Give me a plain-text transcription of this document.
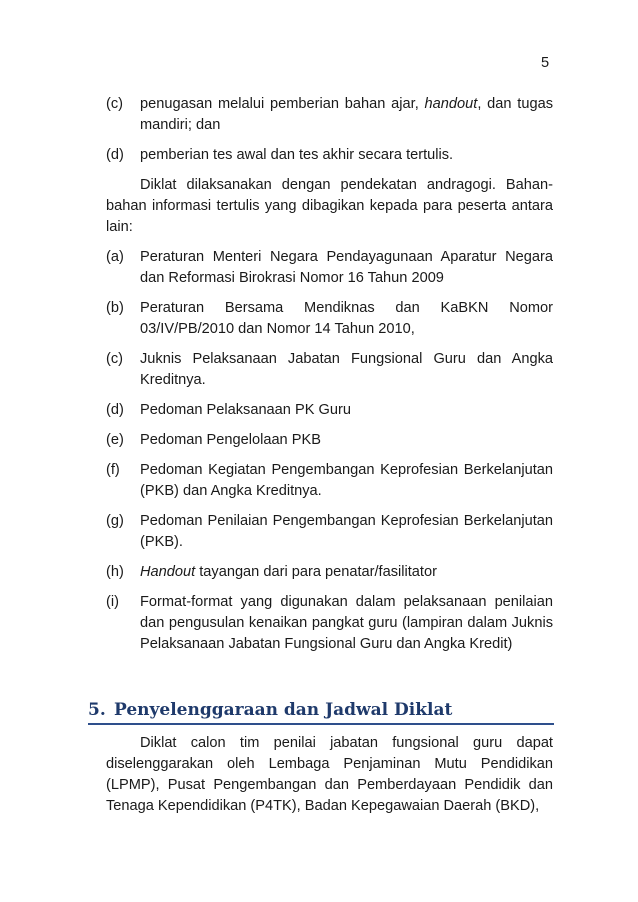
5
(c) penugasan melalui pemberian bahan ajar, handout, dan tugas mandiri; dan
(d) pemberian tes awal dan tes akhir secara tertulis.

Diklat dilaksanakan dengan pendekatan andragogi. Bahan-bahan informasi tertulis yang dibagikan kepada para peserta antara lain:

(a) Peraturan Menteri Negara Pendayagunaan Aparatur Negara dan Reformasi Birokrasi Nomor 16 Tahun 2009
(b) Peraturan Bersama Mendiknas dan KaBKN Nomor 03/IV/PB/2010 dan Nomor 14 Tahun 2010,
(c) Juknis Pelaksanaan Jabatan Fungsional Guru dan Angka Kreditnya.
(d) Pedoman Pelaksanaan PK Guru
(e) Pedoman Pengelolaan PKB
(f) Pedoman Kegiatan Pengembangan Keprofesian Berkelanjutan (PKB) dan Angka Kreditnya.
(g) Pedoman Penilaian Pengembangan Keprofesian Berkelanjutan (PKB).
(h) Handout tayangan dari para penatar/fasilitator
(i) Format-format yang digunakan dalam pelaksanaan penilaian dan pengusulan kenaikan pangkat guru (lampiran dalam Juknis Pelaksanaan Jabatan Fungsional Guru dan Angka Kredit)
5. Penyelenggaraan dan Jadwal Diklat

Diklat calon tim penilai jabatan fungsional guru dapat diselenggarakan oleh Lembaga Penjaminan Mutu Pendidikan (LPMP), Pusat Pengembangan dan Pemberdayaan Pendidik dan Tenaga Kependidikan (P4TK), Badan Kepegawaian Daerah (BKD),
